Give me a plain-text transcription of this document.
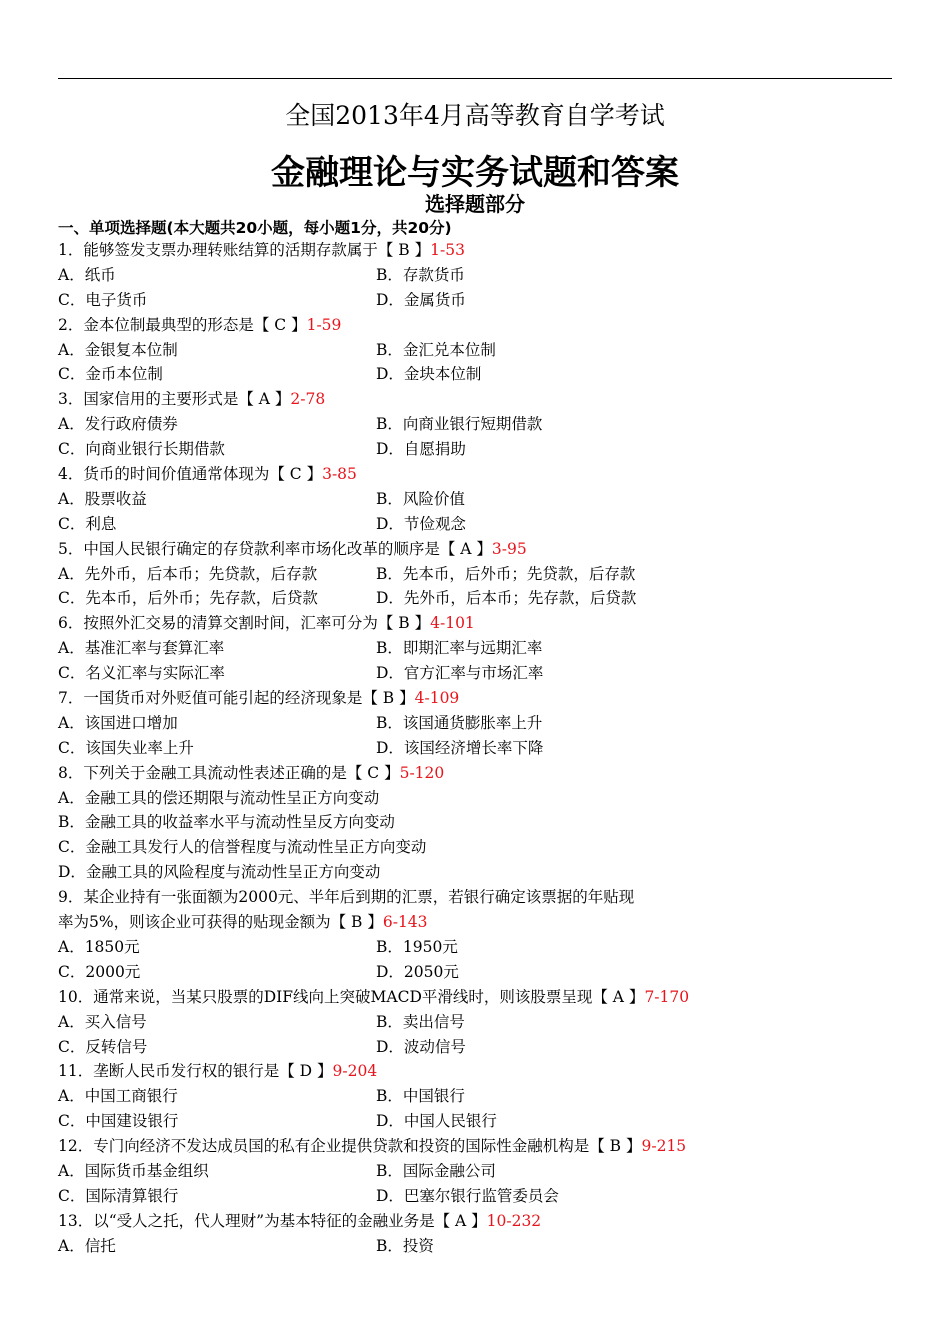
全国2013年4月高等教育自学考试
金融理论与实务试题和答案
选择题部分
一、单项选择题(本大题共20小题，每小题1分，共20分)
1．能够签发支票办理转账结算的活期存款属于【 B 】1-53
A．纸币	B．存款货币
C．电子货币	D．金属货币
2．金本位制最典型的形态是【 C 】1-59
A．金银复本位制	B．金汇兑本位制
C．金币本位制	D．金块本位制
3．国家信用的主要形式是【 A 】2-78
A．发行政府债券	B．向商业银行短期借款
C．向商业银行长期借款	D．自愿捐助
4．货币的时间价值通常体现为【 C 】3-85
A．股票收益	B．风险价值
C．利息	D．节俭观念
5．中国人民银行确定的存贷款利率市场化改革的顺序是【 A 】3-95
A．先外币，后本币；先贷款，后存款	B．先本币，后外币；先贷款，后存款
C．先本币，后外币；先存款，后贷款	D．先外币，后本币；先存款，后贷款
6．按照外汇交易的清算交割时间，汇率可分为【 B 】4-101
A．基准汇率与套算汇率	B．即期汇率与远期汇率
C．名义汇率与实际汇率	D．官方汇率与市场汇率
7．一国货币对外贬值可能引起的经济现象是【 B 】4-109
A．该国进口增加	B．该国通货膨胀率上升
C．该国失业率上升	D．该国经济增长率下降
8．下列关于金融工具流动性表述正确的是【 C 】5-120
A．金融工具的偿还期限与流动性呈正方向变动
B．金融工具的收益率水平与流动性呈反方向变动
C．金融工具发行人的信誉程度与流动性呈正方向变动
D．金融工具的风险程度与流动性呈正方向变动
9．某企业持有一张面额为2000元、半年后到期的汇票，若银行确定该票据的年贴现
率为5%，则该企业可获得的贴现金额为【 B 】6-143
A．1850元	B．1950元
C．2000元	D．2050元
10．通常来说，当某只股票的DIF线向上突破MACD平滑线时，则该股票呈现【 A 】7-170
A．买入信号	B．卖出信号
C．反转信号	D．波动信号
11．垄断人民币发行权的银行是【 D 】9-204
A．中国工商银行	B．中国银行
C．中国建设银行	D．中国人民银行
12．专门向经济不发达成员国的私有企业提供贷款和投资的国际性金融机构是【 B 】9-215
A．国际货币基金组织	B．国际金融公司
C．国际清算银行	D．巴塞尔银行监管委员会
13．以“受人之托，代人理财”为基本特征的金融业务是【 A 】10-232
A．信托	B．投资
